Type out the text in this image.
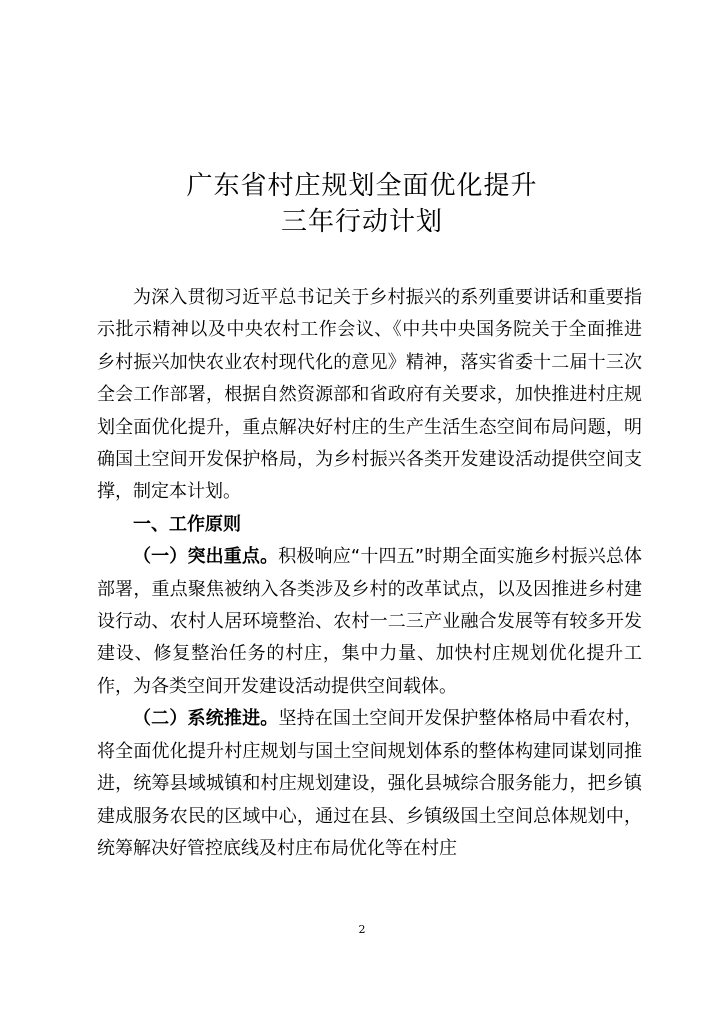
广东省村庄规划全面优化提升
三年行动计划

为深入贯彻习近平总书记关于乡村振兴的系列重要讲话和重要指示批示精神以及中央农村工作会议、《中共中央国务院关于全面推进乡村振兴加快农业农村现代化的意见》精神，落实省委十二届十三次全会工作部署，根据自然资源部和省政府有关要求，加快推进村庄规划全面优化提升，重点解决好村庄的生产生活生态空间布局问题，明确国土空间开发保护格局，为乡村振兴各类开发建设活动提供空间支撑，制定本计划。

一、工作原则

（一）突出重点。积极响应“十四五”时期全面实施乡村振兴总体部署，重点聚焦被纳入各类涉及乡村的改革试点，以及因推进乡村建设行动、农村人居环境整治、农村一二三产业融合发展等有较多开发建设、修复整治任务的村庄，集中力量、加快村庄规划优化提升工作，为各类空间开发建设活动提供空间载体。

（二）系统推进。坚持在国土空间开发保护整体格局中看农村，将全面优化提升村庄规划与国土空间规划体系的整体构建同谋划同推进，统筹县域城镇和村庄规划建设，强化县城综合服务能力，把乡镇建成服务农民的区域中心，通过在县、乡镇级国土空间总体规划中，统筹解决好管控底线及村庄布局优化等在村庄

2
